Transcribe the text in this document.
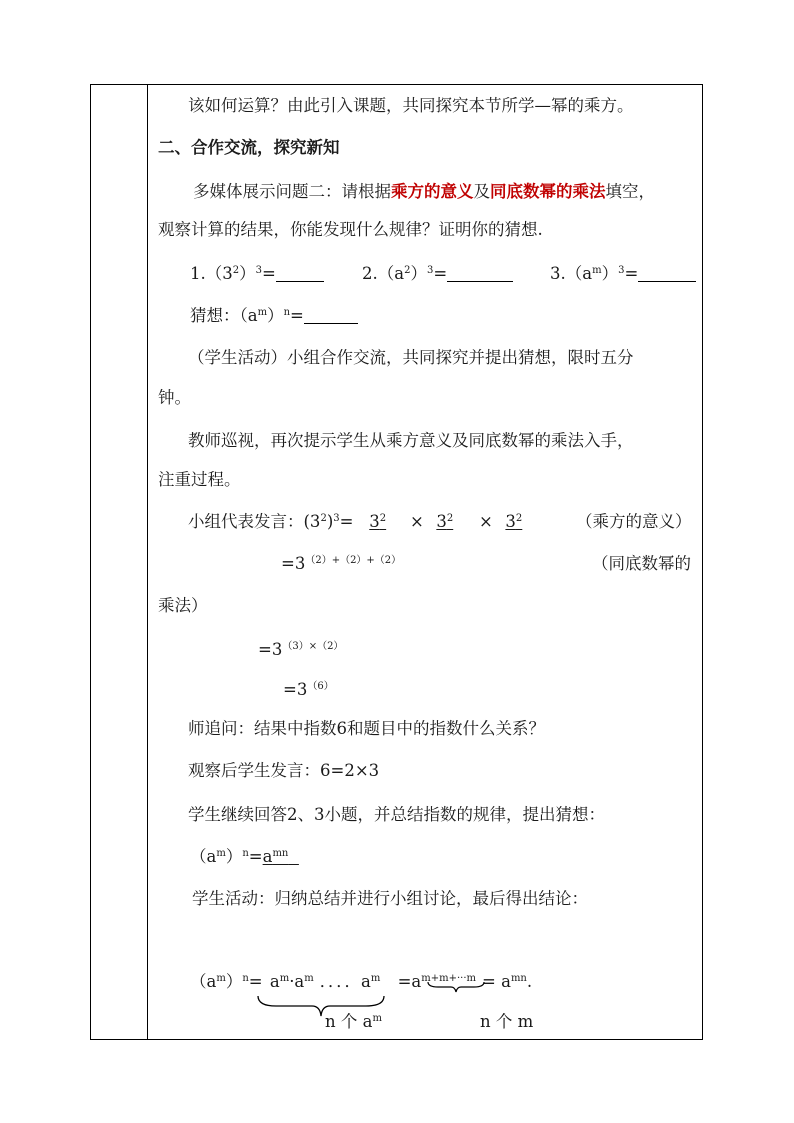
该如何运算？由此引入课题，共同探究本节所学—幂的乘方。
二、合作交流，探究新知
多媒体展示问题二：请根据乘方的意义及同底数幂的乘法填空，
观察计算的结果，你能发现什么规律？证明你的猜想.
$1.(3^2)^3=$	$2.(a^2)^3=$	$3.(a^m)^3=$
猜想：$(a^m)^n=$
（学生活动）小组合作交流，共同探究并提出猜想，限时五分
钟。
教师巡视，再次提示学生从乘方意义及同底数幂的乘法入手，
注重过程。
小组代表发言：$(3^2)^3= 3^2 \times 3^2 \times 3^2$	（乘方的意义）
$=3^{(2)+(2)+(2)}$	（同底数幂的
乘法）
$=3^{(3)\times(2)}$
$=3^{(6)}$
师追问：结果中指数6和题目中的指数什么关系？
观察后学生发言：6=2×3
学生继续回答2、3小题，并总结指数的规律，提出猜想：
$(a^m)^n=a^{mn}$
学生活动：归纳总结并进行小组讨论，最后得出结论：
$(a^m)^n= a^m\cdot a^m$ ．．．．$a^m =a^{m+m+\cdot\cdot\cdot m} = a^{mn}$.
n 个 $a^m$	n 个 m
